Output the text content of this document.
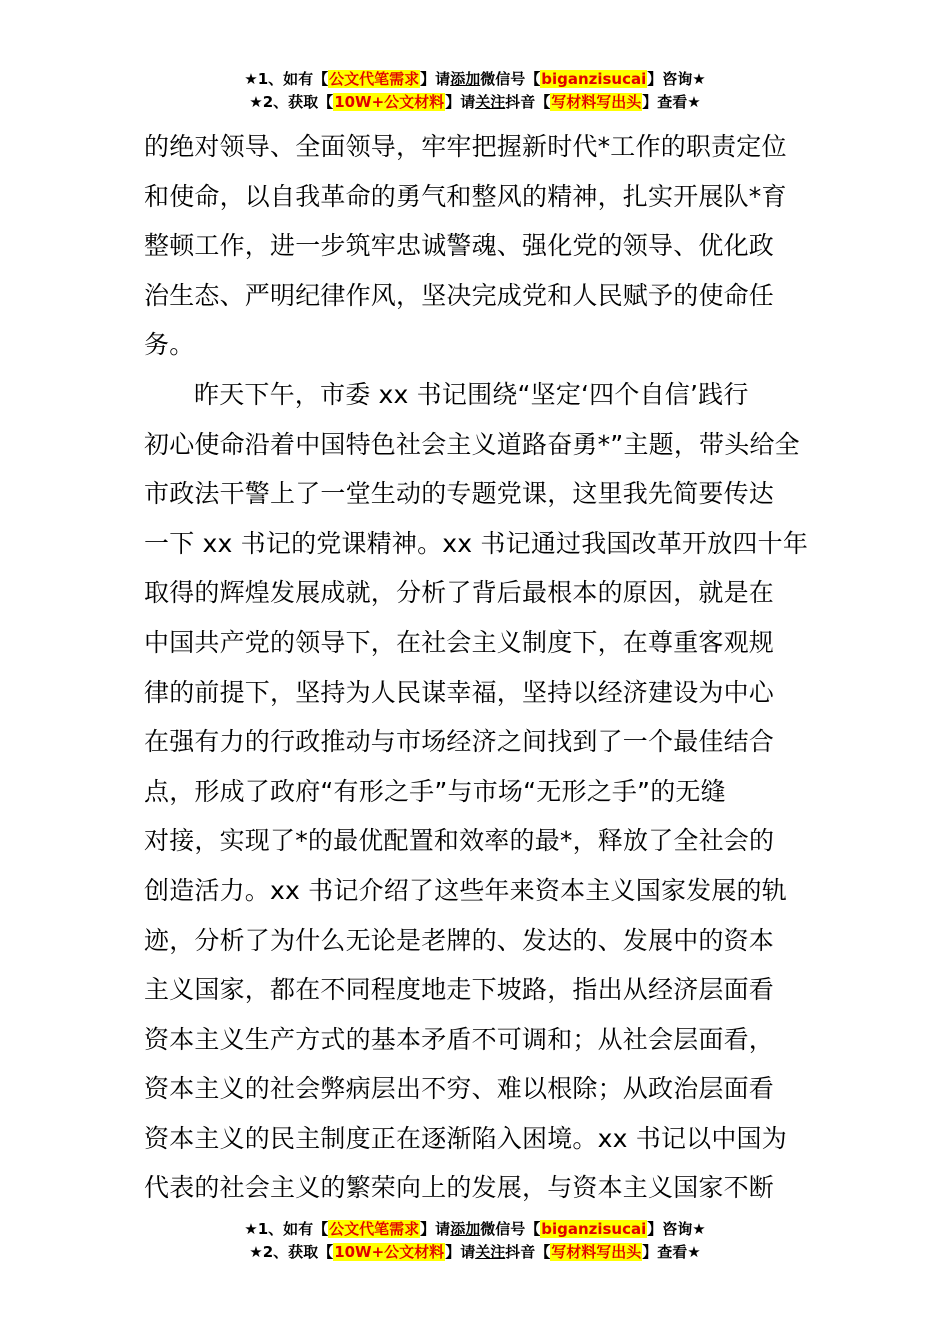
★1、如有【公文代笔需求】请添加微信号【biganzisucai】咨询★
★2、获取【10W+公文材料】请关注抖音【写材料写出头】查看★

的绝对领导、全面领导，牢牢把握新时代*工作的职责定位
和使命，以自我革命的勇气和整风的精神，扎实开展队*育
整顿工作，进一步筑牢忠诚警魂、强化党的领导、优化政
治生态、严明纪律作风，坚决完成党和人民赋予的使命任
务。

昨天下午，市委 xx 书记围绕“坚定‘四个自信’践行
初心使命沿着中国特色社会主义道路奋勇*”主题，带头给全
市政法干警上了一堂生动的专题党课，这里我先简要传达
一下 xx 书记的党课精神。xx 书记通过我国改革开放四十年
取得的辉煌发展成就，分析了背后最根本的原因，就是在
中国共产党的领导下，在社会主义制度下，在尊重客观规
律的前提下，坚持为人民谋幸福，坚持以经济建设为中心
在强有力的行政推动与市场经济之间找到了一个最佳结合
点，形成了政府“有形之手”与市场“无形之手”的无缝
对接，实现了*的最优配置和效率的最*，释放了全社会的
创造活力。xx 书记介绍了这些年来资本主义国家发展的轨
迹，分析了为什么无论是老牌的、发达的、发展中的资本
主义国家，都在不同程度地走下坡路，指出从经济层面看
资本主义生产方式的基本矛盾不可调和；从社会层面看，
资本主义的社会弊病层出不穷、难以根除；从政治层面看
资本主义的民主制度正在逐渐陷入困境。xx 书记以中国为
代表的社会主义的繁荣向上的发展，与资本主义国家不断

★1、如有【公文代笔需求】请添加微信号【biganzisucai】咨询★
★2、获取【10W+公文材料】请关注抖音【写材料写出头】查看★
